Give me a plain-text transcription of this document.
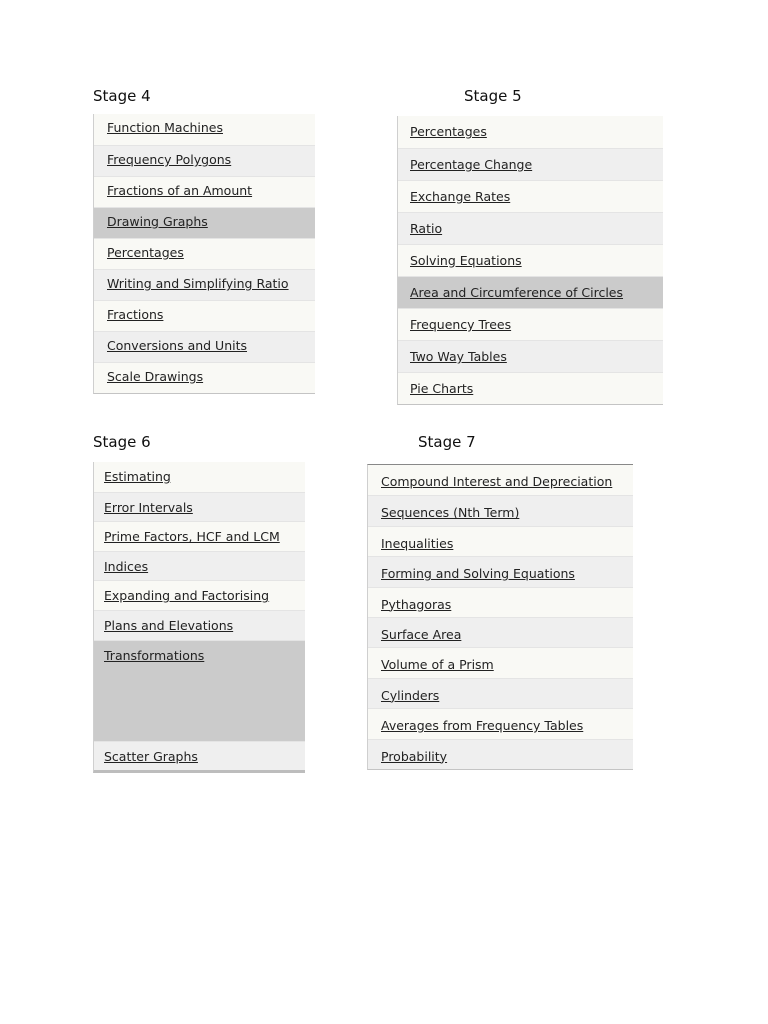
Stage 4
Function Machines
Frequency Polygons
Fractions of an Amount
Drawing Graphs
Percentages
Writing and Simplifying Ratio
Fractions
Conversions and Units
Scale Drawings
Stage 5
Percentages
Percentage Change
Exchange Rates
Ratio
Solving Equations
Area and Circumference of Circles
Frequency Trees
Two Way Tables
Pie Charts
Stage 6
Estimating
Error Intervals
Prime Factors, HCF and LCM
Indices
Expanding and Factorising
Plans and Elevations
Transformations
Scatter Graphs
Stage 7
Compound Interest and Depreciation
Sequences (Nth Term)
Inequalities
Forming and Solving Equations
Pythagoras
Surface Area
Volume of a Prism
Cylinders
Averages from Frequency Tables
Probability
